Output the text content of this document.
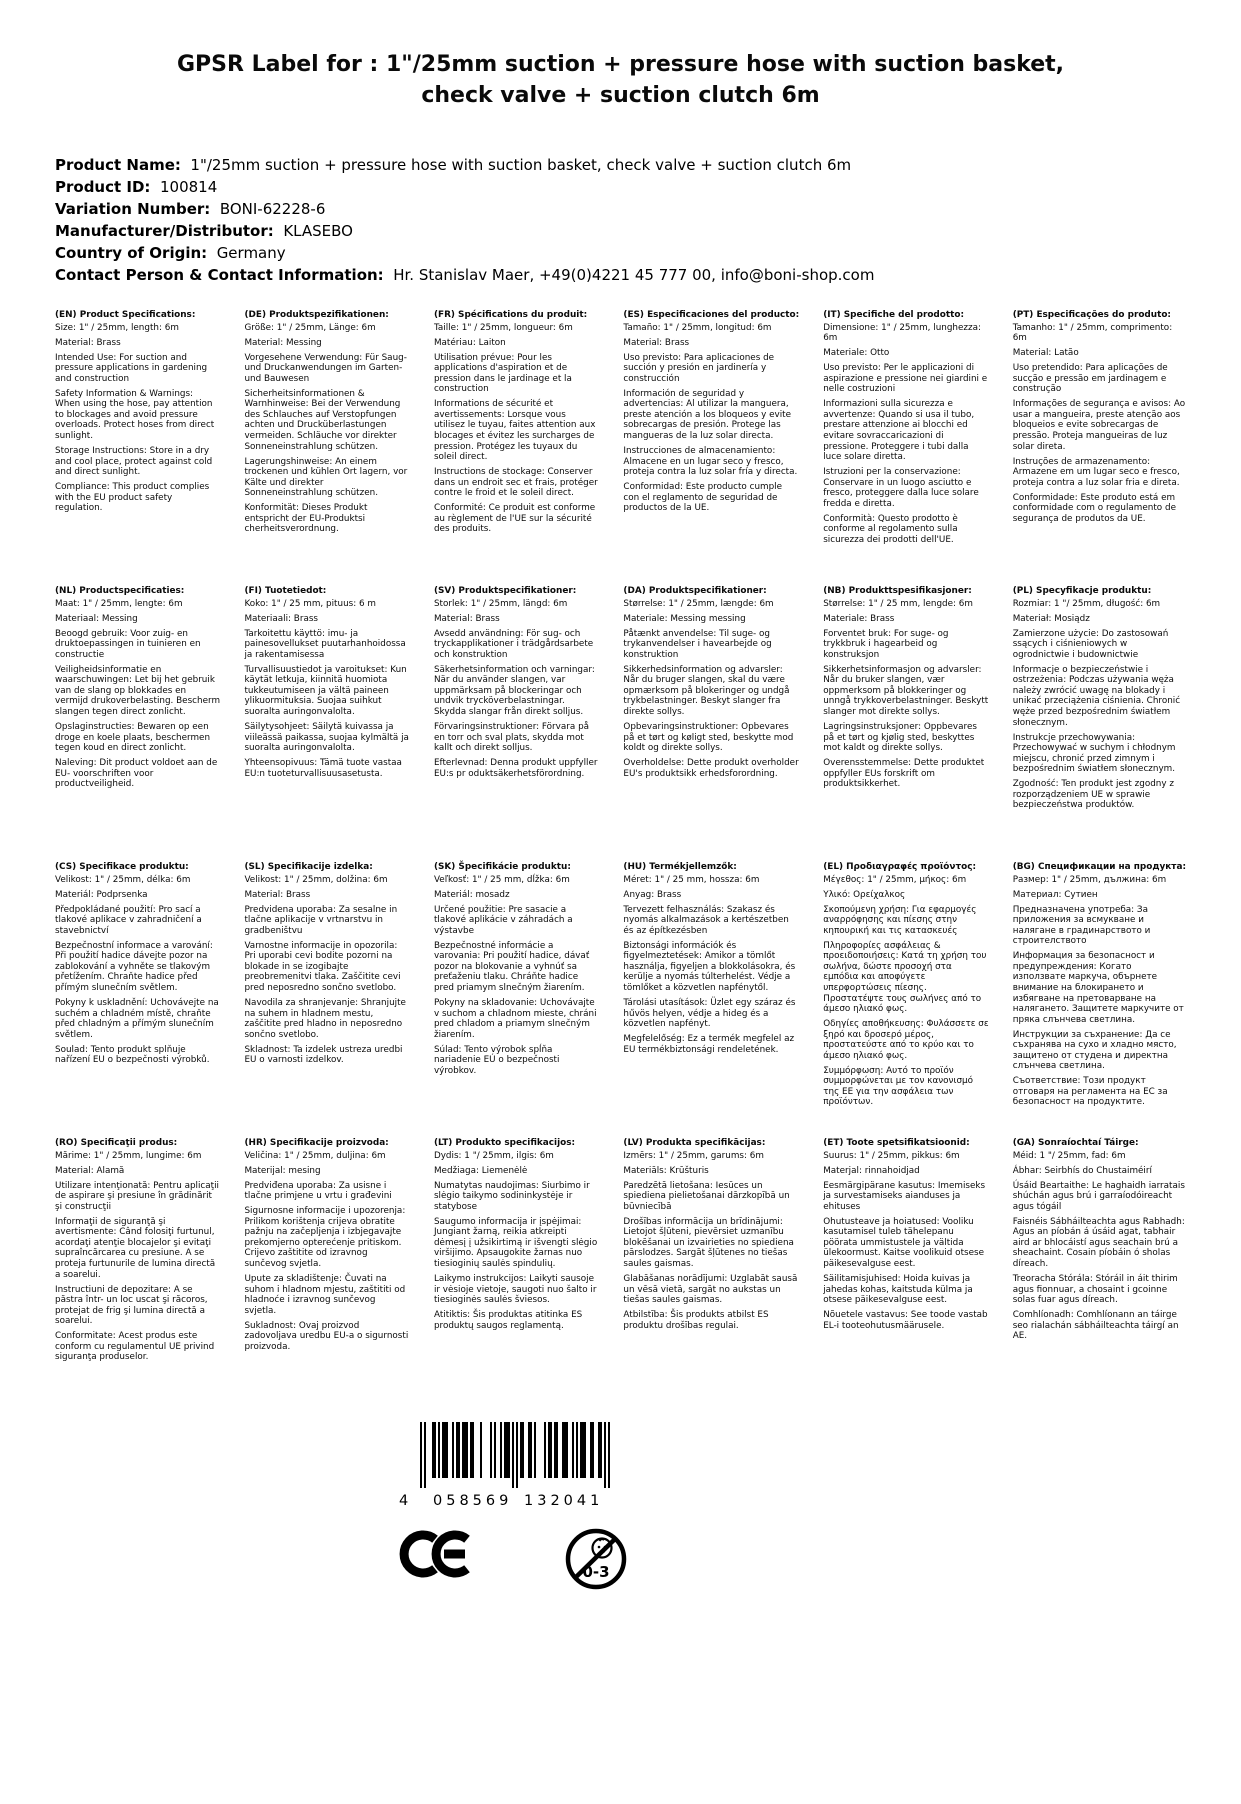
GPSR Label for : 1"/25mm suction + pressure hose with suction basket, check valve + suction clutch 6m
Product Name: 1"/25mm suction + pressure hose with suction basket, check valve + suction clutch 6m
Product ID: 100814
Variation Number: BONI-62228-6
Manufacturer/Distributor: KLASEBO
Country of Origin: Germany
Contact Person & Contact Information: Hr. Stanislav Maer, +49(0)4221 45 777 00, info@boni-shop.com
(EN) Product Specifications:

Size: 1" / 25mm, length: 6m

Material: Brass

Intended Use: For suction and pressure applications in gardening and construction

Safety Information & Warnings: When using the hose, pay attention to blockages and avoid pressure overloads. Protect hoses from direct sunlight.

Storage Instructions: Store in a dry and cool place, protect against cold and direct sunlight.

Compliance: This product complies with the EU product safety regulation.

(DE) Produktspezifikationen:

Größe: 1" / 25mm, Länge: 6m

Material: Messing

Vorgesehene Verwendung: Für Saug- und Druckanwendungen im Garten- und Bauwesen

Sicherheitsinformationen & Warnhinweise: Bei der Verwendung des Schlauches auf Verstopfungen achten und Drucküberlastungen vermeiden. Schläuche vor direkter Sonneneinstrahlung schützen.

Lagerungshinweise: An einem trockenen und kühlen Ort lagern, vor Kälte und direkter Sonneneinstrahlung schützen.

Konformität: Dieses Produkt entspricht der EU-Produktsi cherheitsverordnung.

(FR) Spécifications du produit:

Taille: 1" / 25mm, longueur: 6m

Matériau: Laiton

Utilisation prévue: Pour les applications d'aspiration et de pression dans le jardinage et la construction

Informations de sécurité et avertissements: Lorsque vous utilisez le tuyau, faites attention aux blocages et évitez les surcharges de pression. Protégez les tuyaux du soleil direct.

Instructions de stockage: Conserver dans un endroit sec et frais, protéger contre le froid et le soleil direct.

Conformité: Ce produit est conforme au règlement de l'UE sur la sécurité des produits.

(ES) Especificaciones del producto:

Tamaño: 1" / 25mm, longitud: 6m

Material: Brass

Uso previsto: Para aplicaciones de succión y presión en jardinería y construcción

Información de seguridad y advertencias: Al utilizar la manguera, preste atención a los bloqueos y evite sobrecargas de presión. Protege las mangueras de la luz solar directa.

Instrucciones de almacenamiento: Almacene en un lugar seco y fresco, proteja contra la luz solar fría y directa.

Conformidad: Este producto cumple con el reglamento de seguridad de productos de la UE.

(IT) Specifiche del prodotto:

Dimensione: 1" / 25mm, lunghezza: 6m

Materiale: Otto

Uso previsto: Per le applicazioni di aspirazione e pressione nei giardini e nelle costruzioni

Informazioni sulla sicurezza e avvertenze: Quando si usa il tubo, prestare attenzione ai blocchi ed evitare sovraccaricazioni di pressione. Proteggere i tubi dalla luce solare diretta.

Istruzioni per la conservazione: Conservare in un luogo asciutto e fresco, proteggere dalla luce solare fredda e diretta.

Conformità: Questo prodotto è conforme al regolamento sulla sicurezza dei prodotti dell'UE.

(PT) Especificações do produto:

Tamanho: 1" / 25mm, comprimento: 6m

Material: Latão

Uso pretendido: Para aplicações de sucção e pressão em jardinagem e construção

Informações de segurança e avisos: Ao usar a mangueira, preste atenção aos bloqueios e evite sobrecargas de pressão. Proteja mangueiras de luz solar direta.

Instruções de armazenamento: Armazene em um lugar seco e fresco, proteja contra a luz solar fria e direta.

Conformidade: Este produto está em conformidade com o regulamento de segurança de produtos da UE.

(NL) Productspecificaties:

Maat: 1" / 25mm, lengte: 6m

Materiaal: Messing

Beoogd gebruik: Voor zuig- en druktoepassingen in tuinieren en constructie

Veiligheidsinformatie en waarschuwingen: Let bij het gebruik van de slang op blokkades en vermijd drukoverbelasting. Bescherm slangen tegen direct zonlicht.

Opslaginstructies: Bewaren op een droge en koele plaats, beschermen tegen koud en direct zonlicht.

Naleving: Dit product voldoet aan de EU- voorschriften voor productveiligheid.

(FI) Tuotetiedot:

Koko: 1" / 25 mm, pituus: 6 m

Materiaali: Brass

Tarkoitettu käyttö: imu- ja painesovellukset puutarhanhoidossa ja rakentamisessa

Turvallisuustiedot ja varoitukset: Kun käytät letkuja, kiinnitä huomiota tukkeutumiseen ja vältä paineen ylikuormituksia. Suojaa suihkut suoralta auringonvalolta.

Säilytysohjeet: Säilytä kuivassa ja viileässä paikassa, suojaa kylmältä ja suoralta auringonvalolta.

Yhteensopivuus: Tämä tuote vastaa EU:n tuoteturvallisuusasetusta.

(SV) Produktspecifikationer:

Storlek: 1" / 25mm, längd: 6m

Material: Brass

Avsedd användning: För sug- och tryckapplikationer i trädgårdsarbete och konstruktion

Säkerhetsinformation och varningar: När du använder slangen, var uppmärksam på blockeringar och undvik trycköverbelastningar. Skydda slangar från direkt solljus.

Förvaringsinstruktioner: Förvara på en torr och sval plats, skydda mot kallt och direkt solljus.

Efterlevnad: Denna produkt uppfyller EU:s pr oduktsäkerhetsförordning.

(DA) Produktspecifikationer:

Størrelse: 1" / 25mm, længde: 6m

Materiale: Messing messing

Påtænkt anvendelse: Til suge- og trykanvendelser i havearbejde og konstruktion

Sikkerhedsinformation og advarsler: Når du bruger slangen, skal du være opmærksom på blokeringer og undgå trykbelastninger. Beskyt slanger fra direkte sollys.

Opbevaringsinstruktioner: Opbevares på et tørt og køligt sted, beskytte mod koldt og direkte sollys.

Overholdelse: Dette produkt overholder EU's produktsikk erhedsforordning.

(NB) Produkttspesifikasjoner:

Størrelse: 1" / 25 mm, lengde: 6m

Materiale: Brass

Forventet bruk: For suge- og trykkbruk i hagearbeid og konstruksjon

Sikkerhetsinformasjon og advarsler: Når du bruker slangen, vær oppmerksom på blokkeringer og unngå trykkoverbelastninger. Beskytt slanger mot direkte sollys.

Lagringsinstruksjoner: Oppbevares på et tørt og kjølig sted, beskyttes mot kaldt og direkte sollys.

Overensstemmelse: Dette produktet oppfyller EUs forskrift om produktsikkerhet.

(PL) Specyfikacje produktu:

Rozmiar: 1 "/ 25mm, długość: 6m

Materiał: Mosiądz

Zamierzone użycie: Do zastosowań ssących i ciśnieniowych w ogrodnictwie i budownictwie

Informacje o bezpieczeństwie i ostrzeżenia: Podczas używania węża należy zwrócić uwagę na blokady i unikać przeciążenia ciśnienia. Chronić węże przed bezpośrednim światłem słonecznym.

Instrukcje przechowywania: Przechowywać w suchym i chłodnym miejscu, chronić przed zimnym i bezpośrednim światłem słonecznym.

Zgodność: Ten produkt jest zgodny z rozporządzeniem UE w sprawie bezpieczeństwa produktów.

(CS) Specifikace produktu:

Velikost: 1" / 25mm, délka: 6m

Materiál: Podprsenka

Předpokládané použití: Pro sací a tlakové aplikace v zahradničení a stavebnictví

Bezpečnostní informace a varování: Při použití hadice dávejte pozor na zablokování a vyhněte se tlakovým přetížením. Chraňte hadice před přímým slunečním světlem.

Pokyny k uskladnění: Uchovávejte na suchém a chladném místě, chraňte před chladným a přímým slunečním světlem.

Soulad: Tento produkt splňuje nařízení EU o bezpečnosti výrobků.

(SL) Specifikacije izdelka:

Velikost: 1" / 25mm, dolžina: 6m

Material: Brass

Predvidena uporaba: Za sesalne in tlačne aplikacije v vrtnarstvu in gradbeništvu

Varnostne informacije in opozorila: Pri uporabi cevi bodite pozorni na blokade in se izogibajte preobremenitvi tlaka. Zaščitite cevi pred neposredno sončno svetlobo.

Navodila za shranjevanje: Shranjujte na suhem in hladnem mestu, zaščitite pred hladno in neposredno sončno svetlobo.

Skladnost: Ta izdelek ustreza uredbi EU o varnosti izdelkov.

(SK) Špecifikácie produktu:

Veľkosť: 1" / 25 mm, dĺžka: 6m

Materiál: mosadz

Určené použitie: Pre sasacie a tlakové aplikácie v záhradách a výstavbe

Bezpečnostné informácie a varovania: Pri použití hadice, dávať pozor na blokovanie a vyhnúť sa preťaženiu tlaku. Chráňte hadice pred priamym slnečným žiarením.

Pokyny na skladovanie: Uchovávajte v suchom a chladnom mieste, chráni pred chladom a priamym slnečným žiarením.

Súlad: Tento výrobok spĺňa nariadenie EÚ o bezpečnosti výrobkov.

(HU) Termékjellemzők:

Méret: 1" / 25 mm, hossza: 6m

Anyag: Brass

Tervezett felhasználás: Szakasz és nyomás alkalmazások a kertészetben és az építkezésben

Biztonsági információk és figyelmeztetések: Amikor a tömlőt használja, figyeljen a blokkolásokra, és kerülje a nyomás túlterhelést. Védje a tömlőket a közvetlen napfénytől.

Tárolási utasítások: Üzlet egy száraz és hűvös helyen, védje a hideg és a közvetlen napfényt.

Megfelelőség: Ez a termék megfelel az EU termékbiztonsági rendeletének.

(EL) Προδιαγραφές προϊόντος:

Μέγεθος: 1" / 25mm, μήκος: 6m

Υλικό: Ορείχαλκος

Σκοπούμενη χρήση: Για εφαρμογές αναρρόφησης και πίεσης στην κηπουρική και τις κατασκευές

Πληροφορίες ασφάλειας & προειδοποιήσεις: Κατά τη χρήση του σωλήνα, δώστε προσοχή στα εμπόδια και αποφύγετε υπερφορτώσεις πίεσης. Προστατέψτε τους σωλήνες από το άμεσο ηλιακό φως.

Οδηγίες αποθήκευσης: Φυλάσσετε σε ξηρό και δροσερό μέρος, προστατεύστε από το κρύο και το άμεσο ηλιακό φως.

Συμμόρφωση: Αυτό το προϊόν συμμορφώνεται με τον κανονισμό της ΕΕ για την ασφάλεια των προϊόντων.

(BG) Спецификации на продукта:

Размер: 1" / 25mm, дължина: 6m

Материал: Сутиен

Предназначена употреба: За приложения за всмукване и налягане в градинарството и строителството

Информация за безопасност и предупреждения: Когато използвате маркуча, обърнете внимание на блокирането и избягване на претоварване на налягането. Защитете маркучите от пряка слънчева светлина.

Инструкции за съхранение: Да се съхранява на сухо и хладно място, защитено от студена и директна слънчева светлина.

Съответствие: Този продукт отговаря на регламента на ЕС за безопасност на продуктите.

(RO) Specificaţii produs:

Mărime: 1" / 25mm, lungime: 6m

Material: Alamă

Utilizare intenţionată: Pentru aplicaţii de aspirare şi presiune în grădinărit şi construcţii

Informaţii de siguranţă şi avertismente: Când folosiţi furtunul, acordaţi atenţie blocajelor şi evitaţi supraîncărcarea cu presiune. A se proteja furtunurile de lumina directă a soarelui.

Instructiuni de depozitare: A se păstra într- un loc uscat şi răcoros, protejat de frig şi lumina directă a soarelui.

Conformitate: Acest produs este conform cu regulamentul UE privind siguranţa produselor.

(HR) Specifikacije proizvoda:

Veličina: 1" / 25mm, duljina: 6m

Materijal: mesing

Predviđena uporaba: Za usisne i tlačne primjene u vrtu i građevini

Sigurnosne informacije i upozorenja: Prilikom korištenja crijeva obratite pažnju na začepljenja i izbjegavajte prekomjerno opterećenje pritiskom. Crijevo zaštitite od izravnog sunčevog svjetla.

Upute za skladištenje: Čuvati na suhom i hladnom mjestu, zaštititi od hladnoće i izravnog sunčevog svjetla.

Sukladnost: Ovaj proizvod zadovoljava uredbu EU-a o sigurnosti proizvoda.

(LT) Produkto specifikacijos:

Dydis: 1 "/ 25mm, ilgis: 6m

Medžiaga: Liemenėlė

Numatytas naudojimas: Siurbimo ir slėgio taikymo sodininkystėje ir statybose

Saugumo informacija ir įspėjimai: Jungiant žarną, reikia atkreipti dėmesį į užsikirtimą ir išvengti slėgio viršijimo. Apsaugokite žarnas nuo tiesioginių saulės spindulių.

Laikymo instrukcijos: Laikyti sausoje ir vėsioje vietoje, saugoti nuo šalto ir tiesioginės saulės šviesos.

Atitiktis: Šis produktas atitinka ES produktų saugos reglamentą.

(LV) Produkta specifikācijas:

Izmērs: 1" / 25mm, garums: 6m

Materiāls: Krūšturis

Paredzētā lietošana: Iesūces un spiediena pielietošanai dārzkopībā un būvniecībā

Drošības informācija un brīdinājumi: Lietojot šļūteni, pievērsiet uzmanību blokēšanai un izvairieties no spiediena pārslodzes. Sargāt šļūtenes no tiešas saules gaismas.

Glabāšanas norādījumi: Uzglabāt sausā un vēsā vietā, sargāt no aukstas un tiešas saules gaismas.

Atbilstība: Šis produkts atbilst ES produktu drošības regulai.

(ET) Toote spetsifikatsioonid:

Suurus: 1" / 25mm, pikkus: 6m

Materjal: rinnahoidjad

Eesmärgipärane kasutus: Imemiseks ja survestamiseks aianduses ja ehituses

Ohutusteave ja hoiatused: Vooliku kasutamisel tuleb tähelepanu pöörata ummistustele ja vältida ülekoormust. Kaitse voolikuid otsese päikesevalguse eest.

Säilitamisjuhised: Hoida kuivas ja jahedas kohas, kaitstuda külma ja otsese päikesevalguse eest.

Nõuetele vastavus: See toode vastab EL-i tooteohutusmäärusele.

(GA) Sonraíochtaí Táirge:

Méid: 1 "/ 25mm, fad: 6m

Ábhar: Seirbhís do Chustaiméirí

Úsáid Beartaithe: Le haghaidh iarratais shúchán agus brú i garraíodóireacht agus tógáil

Faisnéis Sábháilteachta agus Rabhadh: Agus an píobán á úsáid agat, tabhair aird ar bhlocáistí agus seachain brú a sheachaint. Cosain píobáin ó sholas díreach.

Treoracha Stórála: Stóráil in áit thirim agus fionnuar, a chosaint i gcoinne solas fuar agus díreach.

Comhlíonadh: Comhlíonann an táirge seo rialachán sábháilteachta táirgí an AE.

4 058569 132041
0-3
